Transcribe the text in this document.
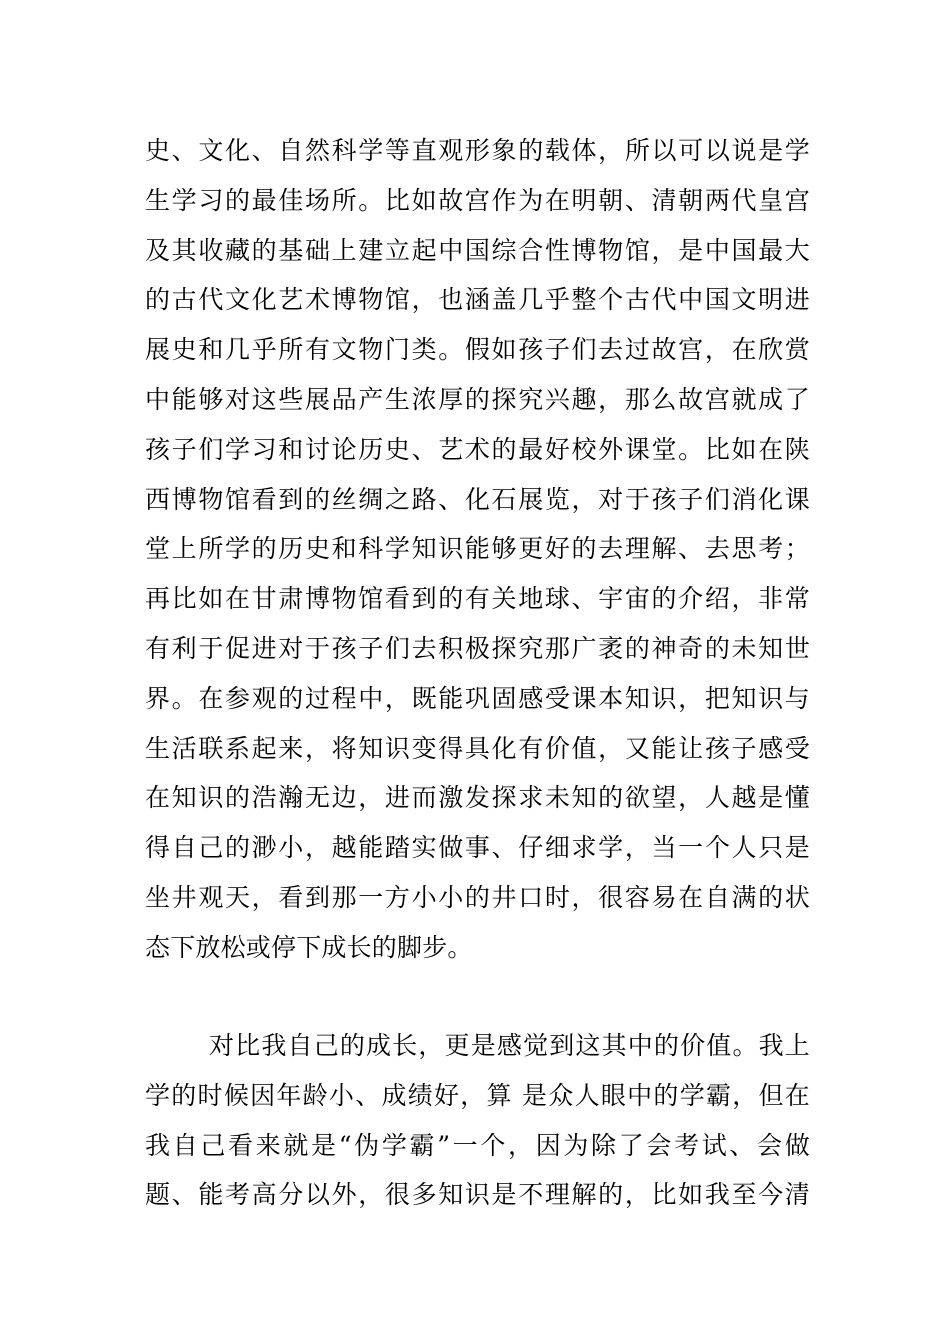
史、文化、自然科学等直观形象的载体，所以可以说是学
生学习的最佳场所。比如故宫作为在明朝、清朝两代皇宫
及其收藏的基础上建立起中国综合性博物馆，是中国最大
的古代文化艺术博物馆，也涵盖几乎整个古代中国文明进
展史和几乎所有文物门类。假如孩子们去过故宫，在欣赏
中能够对这些展品产生浓厚的探究兴趣，那么故宫就成了
孩子们学习和讨论历史、艺术的最好校外课堂。比如在陕
西博物馆看到的丝绸之路、化石展览，对于孩子们消化课
堂上所学的历史和科学知识能够更好的去理解、去思考；
再比如在甘肃博物馆看到的有关地球、宇宙的介绍，非常
有利于促进对于孩子们去积极探究那广袤的神奇的未知世
界。在参观的过程中，既能巩固感受课本知识，把知识与
生活联系起来，将知识变得具化有价值，又能让孩子感受
在知识的浩瀚无边，进而激发探求未知的欲望，人越是懂
得自己的渺小，越能踏实做事、仔细求学，当一个人只是
坐井观天，看到那一方小小的井口时，很容易在自满的状
态下放松或停下成长的脚步。
对比我自己的成长，更是感觉到这其中的价值。我上
学的时候因年龄小、成绩好，算 是众人眼中的学霸，但在
我自己看来就是“伪学霸”一个，因为除了会考试、会做
题、能考高分以外，很多知识是不理解的，比如我至今清
